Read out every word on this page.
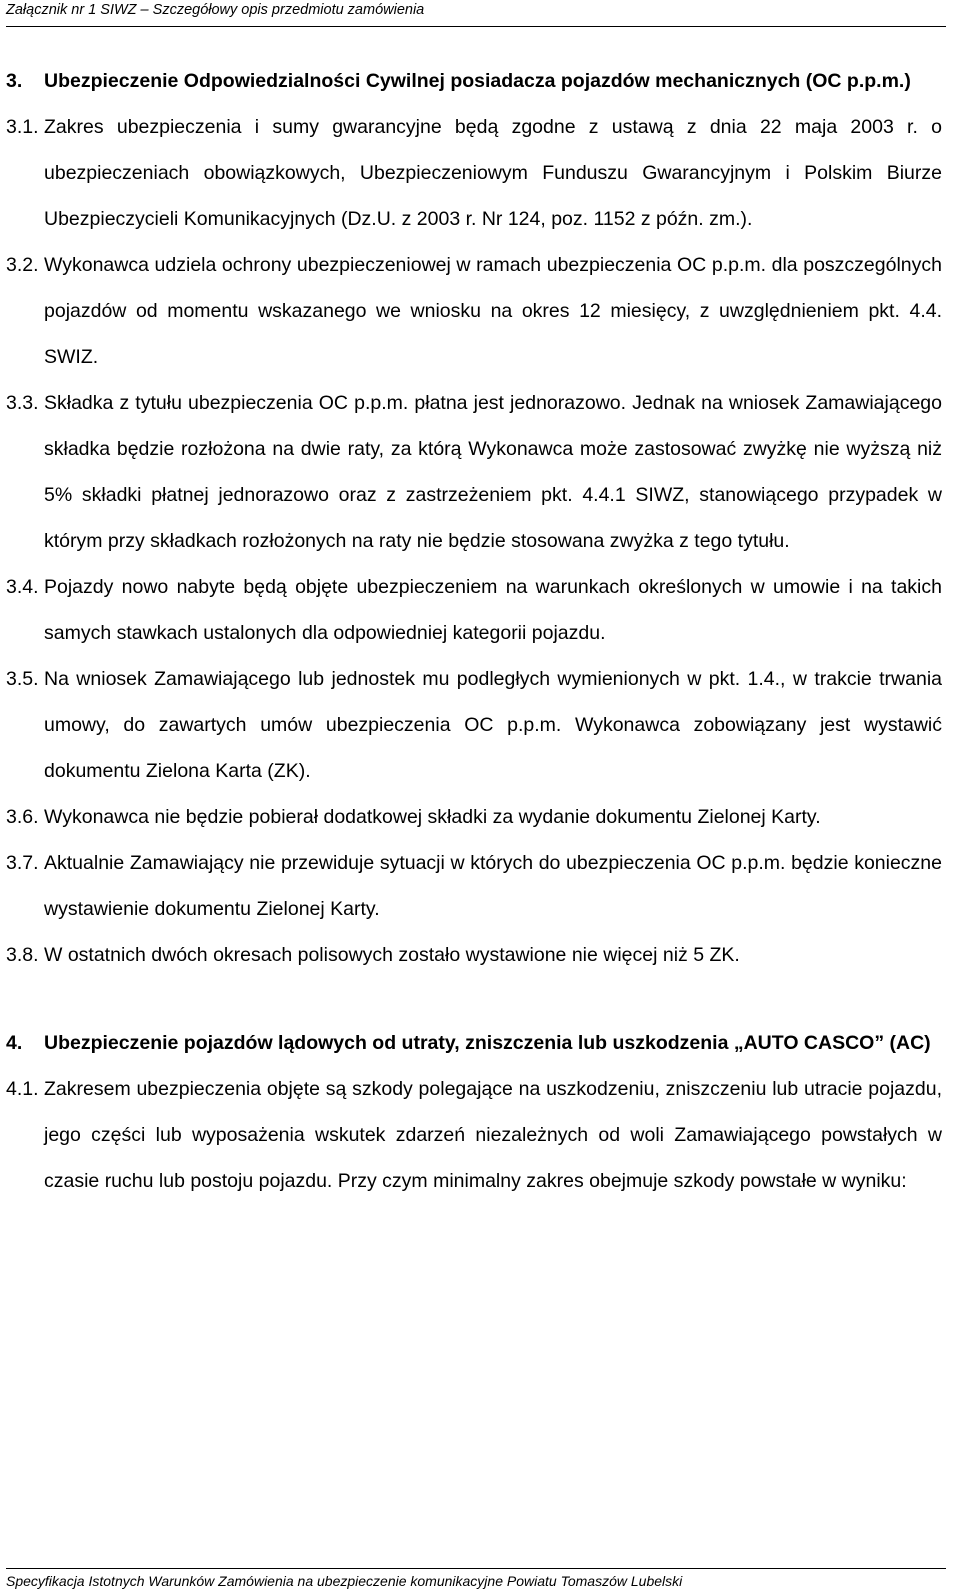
Załącznik nr 1 SIWZ – Szczegółowy opis przedmiotu zamówienia
3.	Ubezpieczenie Odpowiedzialności Cywilnej posiadacza pojazdów mechanicznych (OC p.p.m.)
3.1. Zakres ubezpieczenia i sumy gwarancyjne będą zgodne z ustawą z dnia 22 maja 2003 r. o ubezpieczeniach obowiązkowych, Ubezpieczeniowym Funduszu Gwarancyjnym i Polskim Biurze Ubezpieczycieli Komunikacyjnych (Dz.U. z 2003 r. Nr 124, poz. 1152 z późn. zm.).
3.2. Wykonawca udziela ochrony ubezpieczeniowej w ramach ubezpieczenia OC p.p.m. dla poszczególnych pojazdów od momentu wskazanego we wniosku na okres 12 miesięcy, z uwzględnieniem pkt. 4.4. SWIZ.
3.3. Składka z tytułu ubezpieczenia OC p.p.m. płatna jest jednorazowo. Jednak na wniosek Zamawiającego składka będzie rozłożona na dwie raty, za którą Wykonawca może zastosować zwyżkę nie wyższą niż 5% składki płatnej jednorazowo oraz z zastrzeżeniem pkt. 4.4.1 SIWZ, stanowiącego przypadek w którym przy składkach rozłożonych na raty nie będzie stosowana zwyżka z tego tytułu.
3.4. Pojazdy nowo nabyte będą objęte ubezpieczeniem na warunkach określonych w umowie i na takich samych stawkach ustalonych dla odpowiedniej kategorii pojazdu.
3.5. Na wniosek Zamawiającego lub jednostek mu podległych wymienionych w pkt. 1.4., w trakcie trwania umowy, do zawartych umów ubezpieczenia OC p.p.m. Wykonawca zobowiązany jest wystawić dokumentu Zielona Karta (ZK).
3.6. Wykonawca nie będzie pobierał dodatkowej składki za wydanie dokumentu Zielonej Karty.
3.7. Aktualnie Zamawiający nie przewiduje sytuacji w których do ubezpieczenia OC p.p.m. będzie konieczne wystawienie dokumentu Zielonej Karty.
3.8. W ostatnich dwóch okresach polisowych zostało wystawione nie więcej niż 5 ZK.
4.	Ubezpieczenie pojazdów lądowych od utraty, zniszczenia lub uszkodzenia „AUTO CASCO” (AC)
4.1. Zakresem ubezpieczenia objęte są szkody polegające na uszkodzeniu, zniszczeniu lub utracie pojazdu, jego części lub wyposażenia wskutek zdarzeń niezależnych od woli Zamawiającego powstałych w czasie ruchu lub postoju pojazdu. Przy czym minimalny zakres obejmuje szkody powstałe w wyniku:
Specyfikacja Istotnych Warunków Zamówienia na ubezpieczenie komunikacyjne Powiatu Tomaszów Lubelski
